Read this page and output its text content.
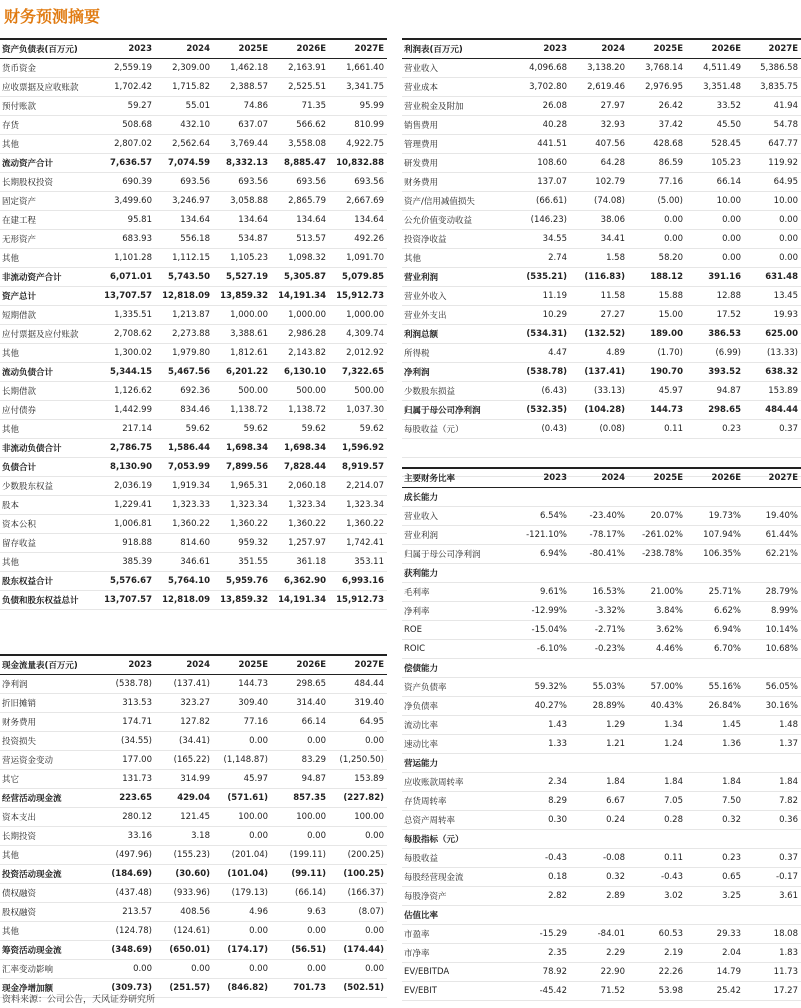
财务预测摘要
资产负债表(百万元)	2023	2024	2025E	2026E	2027E
货币资金	2,559.19	2,309.00	1,462.18	2,163.91	1,661.40
应收票据及应收账款	1,702.42	1,715.82	2,388.57	2,525.51	3,341.75
预付账款	59.27	55.01	74.86	71.35	95.99
存货	508.68	432.10	637.07	566.62	810.99
其他	2,807.02	2,562.64	3,769.44	3,558.08	4,922.75
流动资产合计	7,636.57	7,074.59	8,332.13	8,885.47	10,832.88
长期股权投资	690.39	693.56	693.56	693.56	693.56
固定资产	3,499.60	3,246.97	3,058.88	2,865.79	2,667.69
在建工程	95.81	134.64	134.64	134.64	134.64
无形资产	683.93	556.18	534.87	513.57	492.26
其他	1,101.28	1,112.15	1,105.23	1,098.32	1,091.70
非流动资产合计	6,071.01	5,743.50	5,527.19	5,305.87	5,079.85
资产总计	13,707.57	12,818.09	13,859.32	14,191.34	15,912.73
短期借款	1,335.51	1,213.87	1,000.00	1,000.00	1,000.00
应付票据及应付账款	2,708.62	2,273.88	3,388.61	2,986.28	4,309.74
其他	1,300.02	1,979.80	1,812.61	2,143.82	2,012.92
流动负债合计	5,344.15	5,467.56	6,201.22	6,130.10	7,322.65
长期借款	1,126.62	692.36	500.00	500.00	500.00
应付债券	1,442.99	834.46	1,138.72	1,138.72	1,037.30
其他	217.14	59.62	59.62	59.62	59.62
非流动负债合计	2,786.75	1,586.44	1,698.34	1,698.34	1,596.92
负债合计	8,130.90	7,053.99	7,899.56	7,828.44	8,919.57
少数股东权益	2,036.19	1,919.34	1,965.31	2,060.18	2,214.07
股本	1,229.41	1,323.33	1,323.34	1,323.34	1,323.34
资本公积	1,006.81	1,360.22	1,360.22	1,360.22	1,360.22
留存收益	918.88	814.60	959.32	1,257.97	1,742.41
其他	385.39	346.61	351.55	361.18	353.11
股东权益合计	5,576.67	5,764.10	5,959.76	6,362.90	6,993.16
负债和股东权益总计	13,707.57	12,818.09	13,859.32	14,191.34	15,912.73
利润表(百万元)	2023	2024	2025E	2026E	2027E
营业收入	4,096.68	3,138.20	3,768.14	4,511.49	5,386.58
营业成本	3,702.80	2,619.46	2,976.95	3,351.48	3,835.75
营业税金及附加	26.08	27.97	26.42	33.52	41.94
销售费用	40.28	32.93	37.42	45.50	54.78
管理费用	441.51	407.56	428.68	528.45	647.77
研发费用	108.60	64.28	86.59	105.23	119.92
财务费用	137.07	102.79	77.16	66.14	64.95
资产/信用减值损失	(66.61)	(74.08)	(5.00)	10.00	10.00
公允价值变动收益	(146.23)	38.06	0.00	0.00	0.00
投资净收益	34.55	34.41	0.00	0.00	0.00
其他	2.74	1.58	58.20	0.00	0.00
营业利润	(535.21)	(116.83)	188.12	391.16	631.48
营业外收入	11.19	11.58	15.88	12.88	13.45
营业外支出	10.29	27.27	15.00	17.52	19.93
利润总额	(534.31)	(132.52)	189.00	386.53	625.00
所得税	4.47	4.89	(1.70)	(6.99)	(13.33)
净利润	(538.78)	(137.41)	190.70	393.52	638.32
少数股东损益	(6.43)	(33.13)	45.97	94.87	153.89
归属于母公司净利润	(532.35)	(104.28)	144.73	298.65	484.44
每股收益（元）	(0.43)	(0.08)	0.11	0.23	0.37

主要财务比率	2023	2024	2025E	2026E	2027E
成长能力					
营业收入	6.54%	-23.40%	20.07%	19.73%	19.40%
营业利润	-121.10%	-78.17%	-261.02%	107.94%	61.44%
归属于母公司净利润	6.94%	-80.41%	-238.78%	106.35%	62.21%
获利能力					
毛利率	9.61%	16.53%	21.00%	25.71%	28.79%
净利率	-12.99%	-3.32%	3.84%	6.62%	8.99%
ROE	-15.04%	-2.71%	3.62%	6.94%	10.14%
ROIC	-6.10%	-0.23%	4.46%	6.70%	10.68%
偿债能力					
资产负债率	59.32%	55.03%	57.00%	55.16%	56.05%
净负债率	40.27%	28.89%	40.43%	26.84%	30.16%
流动比率	1.43	1.29	1.34	1.45	1.48
速动比率	1.33	1.21	1.24	1.36	1.37
营运能力					
应收账款周转率	2.34	1.84	1.84	1.84	1.84
存货周转率	8.29	6.67	7.05	7.50	7.82
总资产周转率	0.30	0.24	0.28	0.32	0.36
每股指标（元）					
每股收益	-0.43	-0.08	0.11	0.23	0.37
每股经营现金流	0.18	0.32	-0.43	0.65	-0.17
每股净资产	2.82	2.89	3.02	3.25	3.61
估值比率					
市盈率	-15.29	-84.01	60.53	29.33	18.08
市净率	2.35	2.29	2.19	2.04	1.83
EV/EBITDA	78.92	22.90	22.26	14.79	11.73
EV/EBIT	-45.42	71.52	53.98	25.42	17.27
现金流量表(百万元)	2023	2024	2025E	2026E	2027E
净利润	(538.78)	(137.41)	144.73	298.65	484.44
折旧摊销	313.53	323.27	309.40	314.40	319.40
财务费用	174.71	127.82	77.16	66.14	64.95
投资损失	(34.55)	(34.41)	0.00	0.00	0.00
营运资金变动	177.00	(165.22)	(1,148.87)	83.29	(1,250.50)
其它	131.73	314.99	45.97	94.87	153.89
经营活动现金流	223.65	429.04	(571.61)	857.35	(227.82)
资本支出	280.12	121.45	100.00	100.00	100.00
长期投资	33.16	3.18	0.00	0.00	0.00
其他	(497.96)	(155.23)	(201.04)	(199.11)	(200.25)
投资活动现金流	(184.69)	(30.60)	(101.04)	(99.11)	(100.25)
债权融资	(437.48)	(933.96)	(179.13)	(66.14)	(166.37)
股权融资	213.57	408.56	4.96	9.63	(8.07)
其他	(124.78)	(124.61)	0.00	0.00	0.00
筹资活动现金流	(348.69)	(650.01)	(174.17)	(56.51)	(174.44)
汇率变动影响	0.00	0.00	0.00	0.00	0.00
现金净增加额	(309.73)	(251.57)	(846.82)	701.73	(502.51)
资料来源：公司公告，天风证券研究所
